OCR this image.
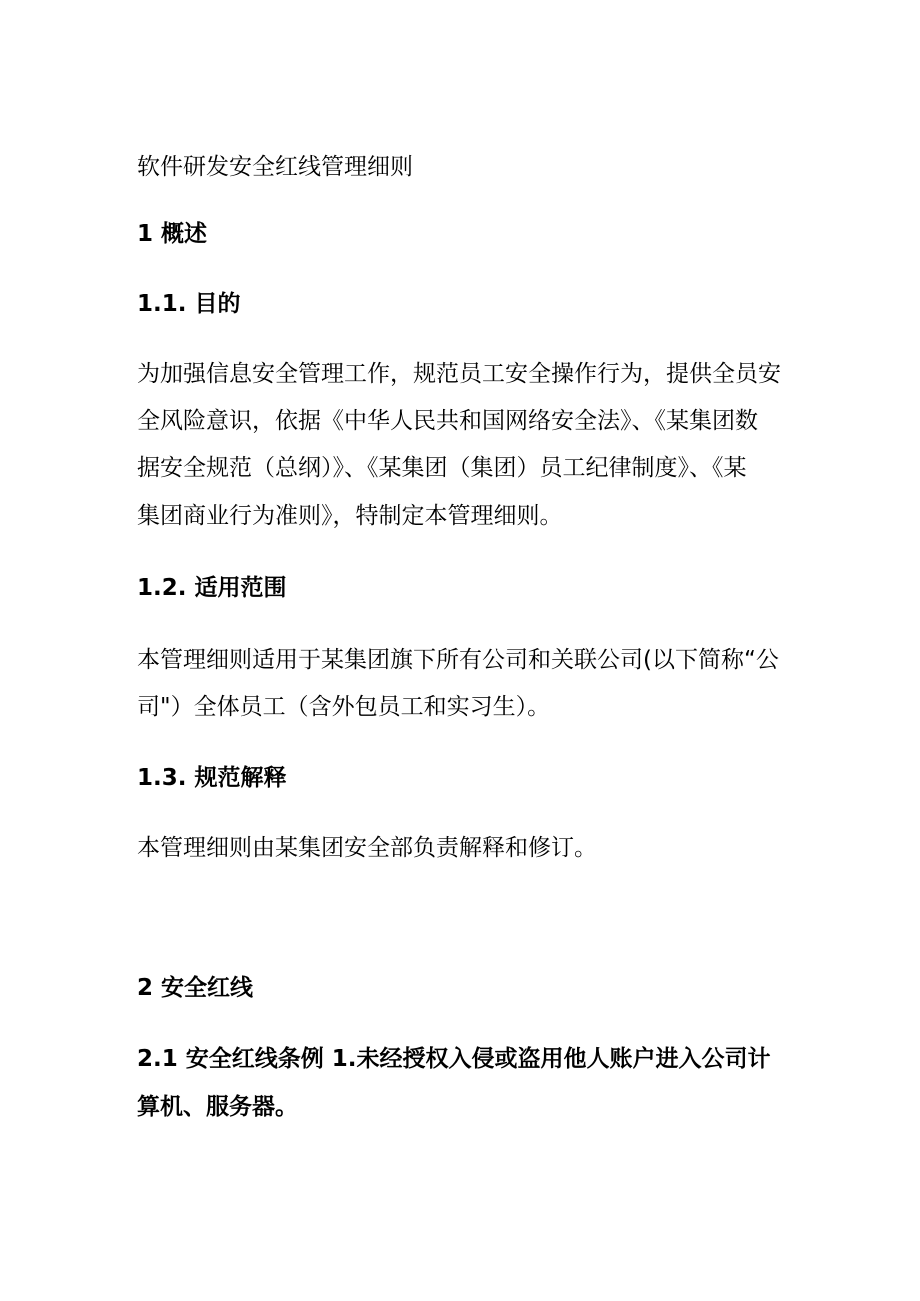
软件研发安全红线管理细则
1 概述
1.1. 目的
为加强信息安全管理工作，规范员工安全操作行为，提供全员安
全风险意识，依据《中华人民共和国网络安全法》、《某集团数
据安全规范（总纲）》、《某集团（集团）员工纪律制度》、《某
集团商业行为准则》，特制定本管理细则。
1.2. 适用范围
本管理细则适用于某集团旗下所有公司和关联公司(以下简称“公
司"）全体员工（含外包员工和实习生）。
1.3. 规范解释
本管理细则由某集团安全部负责解释和修订。
2 安全红线
2.1 安全红线条例 1.未经授权入侵或盗用他人账户进入公司计
算机、服务器。
